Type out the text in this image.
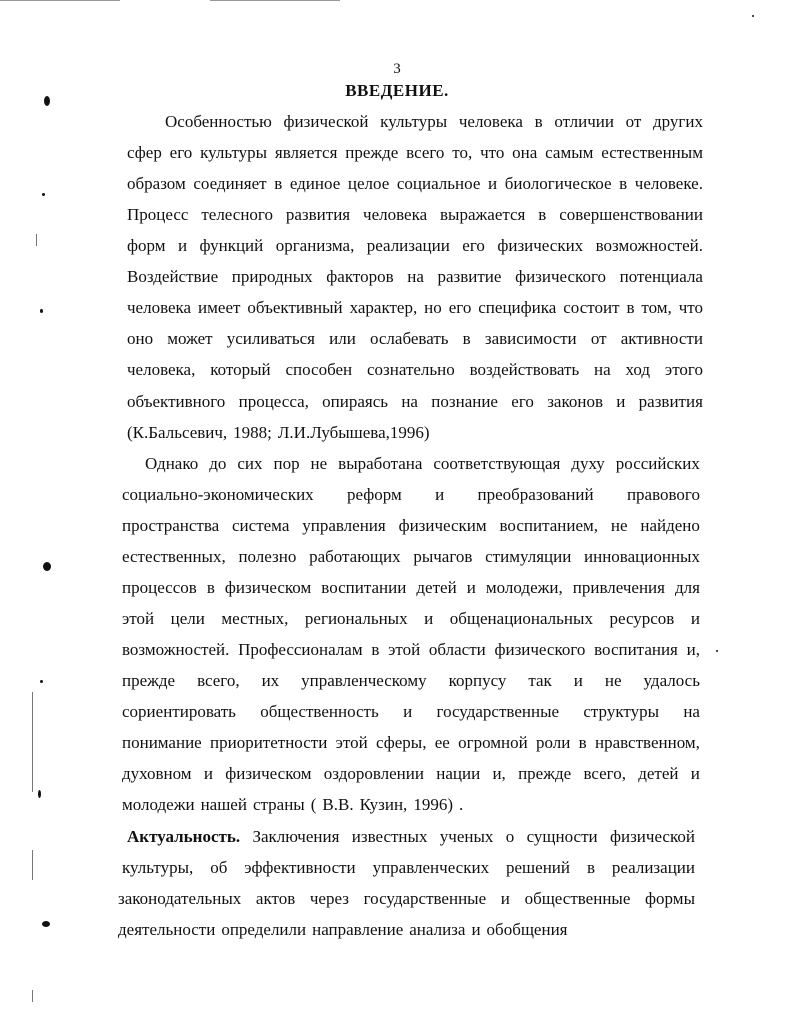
3
ВВЕДЕНИЕ.
Особенностью физической культуры человека в отличии от других
сфер его культуры является прежде всего то, что она самым естественным
образом соединяет в единое целое социальное и биологическое в человеке.
Процесс телесного развития человека выражается в совершенствовании
форм и функций организма, реализации его физических возможностей.
Воздействие природных факторов на развитие физического потенциала
человека имеет объективный характер, но его специфика состоит в том, что
оно может усиливаться или ослабевать в зависимости от активности
человека, который способен сознательно воздействовать на ход этого
объективного процесса, опираясь на познание его законов и развития
(К.Бальсевич, 1988; Л.И.Лубышева,1996)
Однако до сих пор не выработана соответствующая духу российских
социально-экономических реформ и преобразований правового
пространства система управления физическим воспитанием, не найдено
естественных, полезно работающих рычагов стимуляции инновационных
процессов в физическом воспитании детей и молодежи, привлечения для
этой цели местных, региональных и общенациональных ресурсов и
возможностей. Профессионалам в этой области физического воспитания и,
прежде всего, их управленческому корпусу так и не удалось
сориентировать общественность и государственные структуры на
понимание приоритетности этой сферы, ее огромной роли в нравственном,
духовном и физическом оздоровлении нации и, прежде всего, детей и
молодежи нашей страны ( В.В. Кузин, 1996) .
Актуальность. Заключения известных ученых о сущности физической
культуры, об эффективности управленческих решений в реализации
законодательных актов через государственные и общественные формы
деятельности определили направление анализа и обобщения
